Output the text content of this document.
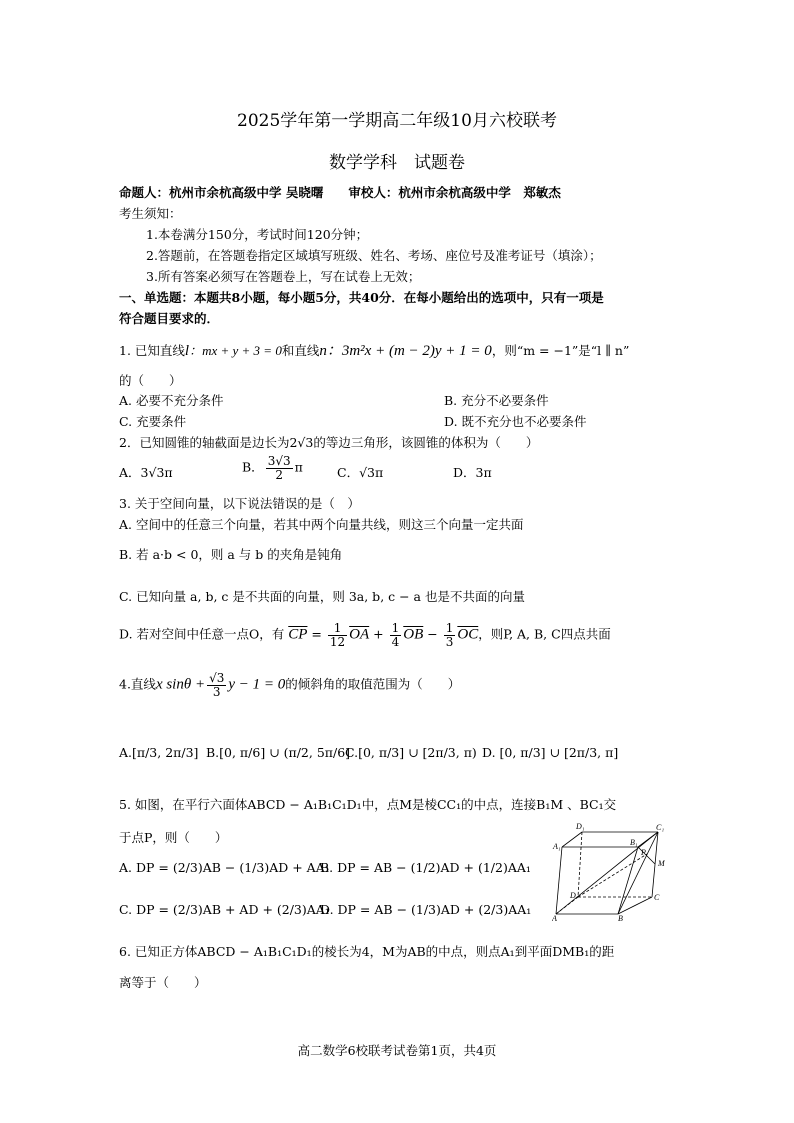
2025学年第一学期高二年级10月六校联考
数学学科　试题卷
命题人：杭州市余杭高级中学 吴晓曙　　审校人：杭州市余杭高级中学　郑敏杰
考生须知：
1.本卷满分150分，考试时间120分钟；
2.答题前，在答题卷指定区域填写班级、姓名、考场、座位号及准考证号（填涂）；
3.所有答案必须写在答题卷上，写在试卷上无效；
一、单选题：本题共8小题，每小题5分，共40分．在每小题给出的选项中，只有一项是
符合题目要求的．
1. 已知直线l：mx + y + 3 = 0和直线n：3m²x + (m − 2)y + 1 = 0，则“m = −1”是“l ∥ n”
的（　　）
A. 必要不充分条件	B. 充分不必要条件
C. 充要条件	D. 既不充分也不必要条件
2．已知圆锥的轴截面是边长为2√3的等边三角形，该圆锥的体积为（　　）
A．3√3π	B． $\frac{3√3}{2}$ π	C．√3π	D．3π
3. 关于空间向量，以下说法错误的是（　）
A. 空间中的任意三个向量，若其中两个向量共线，则这三个向量一定共面
B. 若 a·b < 0，则 a 与 b 的夹角是钝角
C. 已知向量 a, b, c 是不共面的向量，则 3a, b, c − a 也是不共面的向量
D. 若对空间中任意一点O，有 $\overline{CP} = \frac{1}{12} \overline{OA} + \frac{1}{4} \overline{OB} - \frac{1}{3} \overline{OC}$，则P, A, B, C四点共面
4.直线x $\sin\theta + \frac{√3}{3}$ y − 1 = 0的倾斜角的取值范围为（　　）
A.[π/3, 2π/3] B.[0, π/6] ∪ (π/2, 5π/6]
C.[0, π/3] ∪ [2π/3, π) D. [0, π/3] ∪ [2π/3, π]
5. 如图，在平行六面体ABCD − A₁B₁C₁D₁中，点M是棱CC₁的中点，连接B₁M 、BC₁交
于点P，则（　　）
A. DP = (2/3)AB − (1/3)AD + AA₁
B. DP = AB − (1/2)AD + (1/2)AA₁
C. DP = (2/3)AB + AD + (2/3)AA₁
D. DP = AB − (1/3)AD + (2/3)AA₁
D₁	C₁
A₁	B₁
P
M
D	C
A	B
6. 已知正方体ABCD − A₁B₁C₁D₁的棱长为4，M为AB的中点，则点A₁到平面DMB₁的距
离等于（　　）
高二数学6校联考试卷第1页，共4页
